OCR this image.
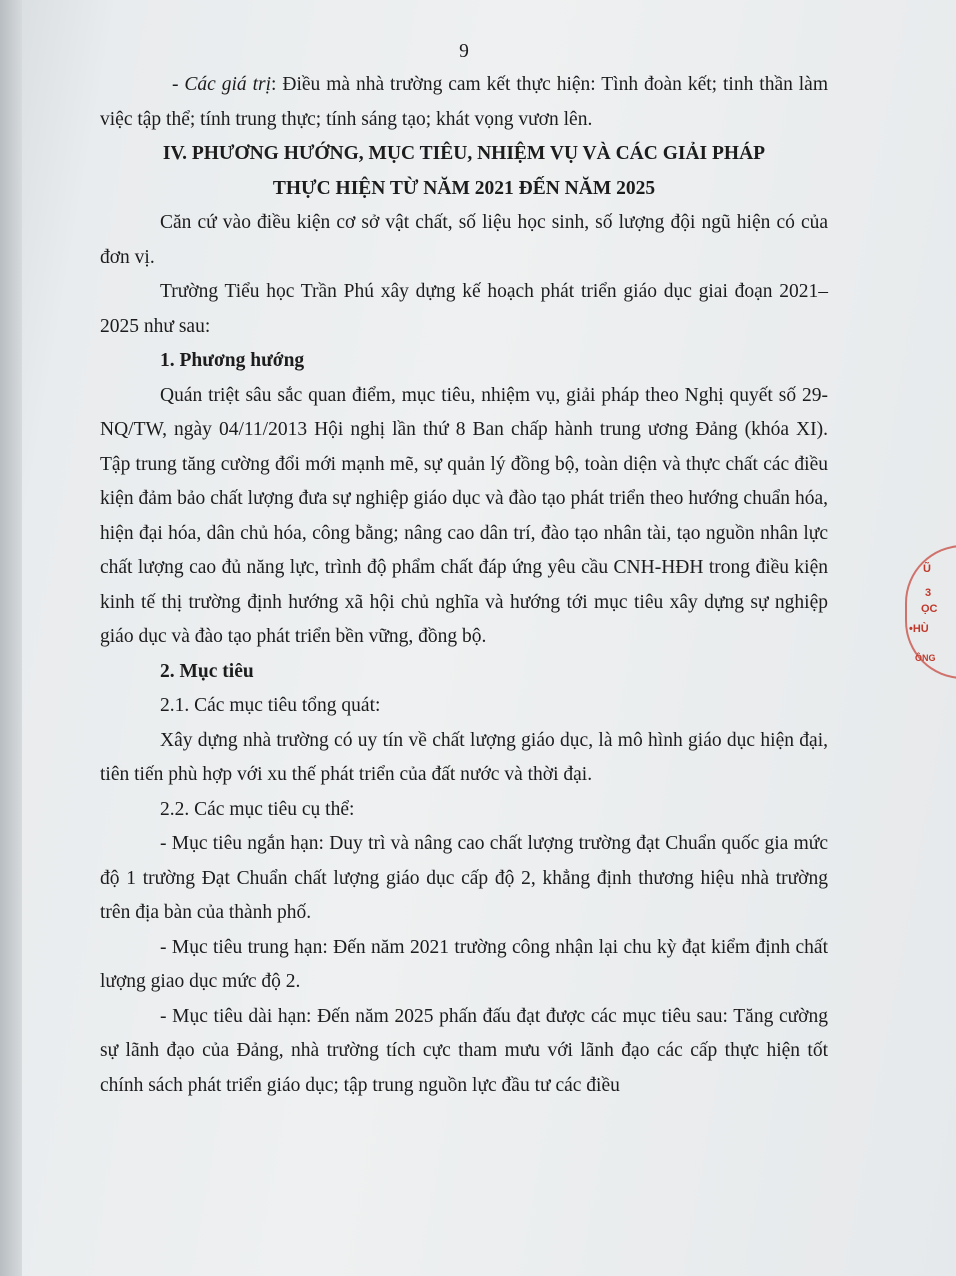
Ũ
3
ỌC
•HÙ
ÔNG
9

- Các giá trị: Điều mà nhà trường cam kết thực hiện: Tình đoàn kết; tinh thần làm việc tập thể; tính trung thực; tính sáng tạo; khát vọng vươn lên.

IV. PHƯƠNG HƯỚNG, MỤC TIÊU, NHIỆM VỤ VÀ CÁC GIẢI PHÁP

THỰC HIỆN TỪ NĂM 2021 ĐẾN NĂM 2025

Căn cứ vào điều kiện cơ sở vật chất, số liệu học sinh, số lượng đội ngũ hiện có của đơn vị.

Trường Tiểu học Trần Phú xây dựng kế hoạch phát triển giáo dục giai đoạn 2021– 2025 như sau:

1. Phương hướng

Quán triệt sâu sắc quan điểm, mục tiêu, nhiệm vụ, giải pháp theo Nghị quyết số 29- NQ/TW, ngày 04/11/2013 Hội nghị lần thứ 8 Ban chấp hành trung ương Đảng (khóa XI). Tập trung tăng cường đổi mới mạnh mẽ, sự quản lý đồng bộ, toàn diện và thực chất các điều kiện đảm bảo chất lượng đưa sự nghiệp giáo dục và đào tạo phát triển theo hướng chuẩn hóa, hiện đại hóa, dân chủ hóa, công bằng; nâng cao dân trí, đào tạo nhân tài, tạo nguồn nhân lực chất lượng cao đủ năng lực, trình độ phẩm chất đáp ứng yêu cầu CNH-HĐH trong điều kiện kinh tế thị trường định hướng xã hội chủ nghĩa và hướng tới mục tiêu xây dựng sự nghiệp giáo dục và đào tạo phát triển bền vững, đồng bộ.

2. Mục tiêu

2.1. Các mục tiêu tổng quát:

Xây dựng nhà trường có uy tín về chất lượng giáo dục, là mô hình giáo dục hiện đại, tiên tiến phù hợp với xu thế phát triển của đất nước và thời đại.

2.2. Các mục tiêu cụ thể:

- Mục tiêu ngắn hạn: Duy trì và nâng cao chất lượng trường đạt Chuẩn quốc gia mức độ 1 trường Đạt Chuẩn chất lượng giáo dục cấp độ 2, khẳng định thương hiệu nhà trường trên địa bàn của thành phố.

- Mục tiêu trung hạn: Đến năm 2021 trường công nhận lại chu kỳ đạt kiểm định chất lượng giao dục mức độ 2.

- Mục tiêu dài hạn: Đến năm 2025 phấn đấu đạt được các mục tiêu sau: Tăng cường sự lãnh đạo của Đảng, nhà trường tích cực tham mưu với lãnh đạo các cấp thực hiện tốt chính sách phát triển giáo dục; tập trung nguồn lực đầu tư các điều
